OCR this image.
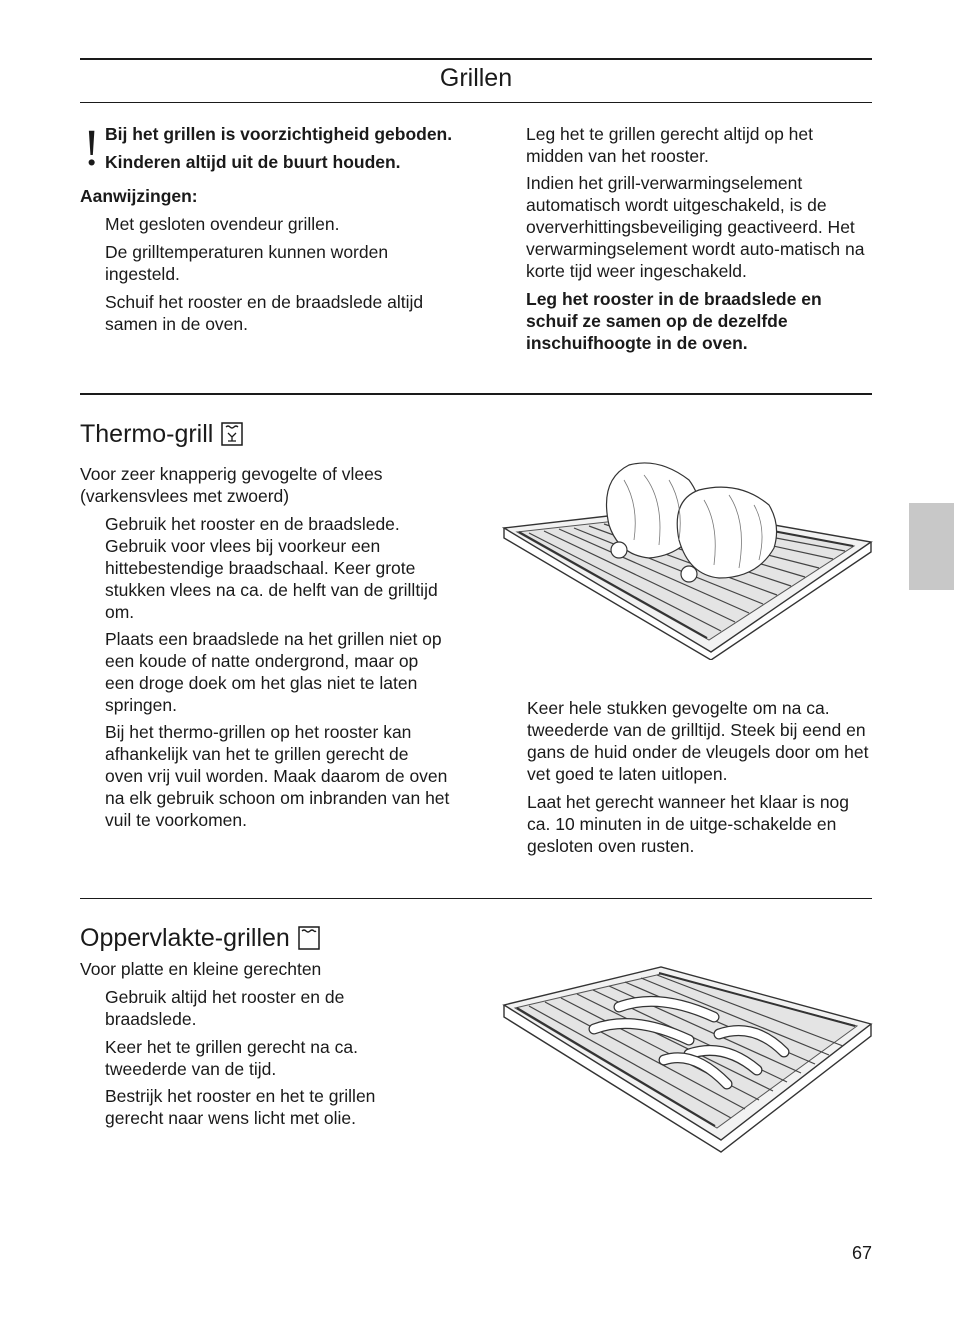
Grillen
! Bij het grillen is voorzichtigheid geboden.

Kinderen altijd uit de buurt houden.

Aanwijzingen:

Met gesloten ovendeur grillen.

De grilltemperaturen kunnen worden ingesteld.

Schuif het rooster en de braadslede altijd samen in de oven.

Leg het te grillen gerecht altijd op het midden van het rooster.

Indien het grill-verwarmingselement automatisch wordt uitgeschakeld, is de oververhittingsbeveiliging geactiveerd. Het verwarmingselement wordt auto-matisch na korte tijd weer ingeschakeld.

Leg het rooster in de braadslede en schuif ze samen op de dezelfde inschuifhoogte in de oven.

Thermo-grill

Voor zeer knapperig gevogelte of vlees (varkensvlees met zwoerd)

Gebruik het rooster en de braadslede. Gebruik voor vlees bij voorkeur een hittebestendige braadschaal. Keer grote stukken vlees na ca. de helft van de grilltijd om.

Plaats een braadslede na het grillen niet op een koude of natte ondergrond, maar op een droge doek om het glas niet te laten springen.

Bij het thermo-grillen op het rooster kan afhankelijk van het te grillen gerecht de oven vrij vuil worden. Maak daarom de oven na elk gebruik schoon om inbranden van het vuil te voorkomen.

Keer hele stukken gevogelte om na ca. tweederde van de grilltijd. Steek bij eend en gans de huid onder de vleugels door om het vet goed te laten uitlopen.

Laat het gerecht wanneer het klaar is nog ca. 10 minuten in de uitge-schakelde en gesloten oven rusten.

Oppervlakte-grillen

Voor platte en kleine gerechten

Gebruik altijd het rooster en de braadslede.

Keer het te grillen gerecht na ca. tweederde van de tijd.

Bestrijk het rooster en het te grillen gerecht naar wens licht met olie.

67
